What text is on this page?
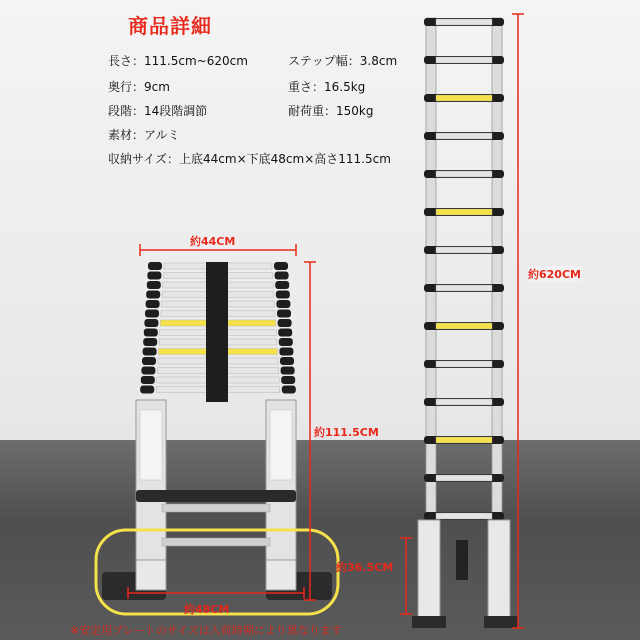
商品詳細
長さ：111.5cm~620cm	ステップ幅：3.8cm
奥行：9cm	重さ：16.5kg
段階：14段階調節	耐荷重：150kg
素材：アルミ
収納サイズ：上底44cm×下底48cm×高さ111.5cm
約44CM
約111.5CM
約620CM
約36.5CM
約48CM
※安定用プレートのサイズは入荷時期により異なります
